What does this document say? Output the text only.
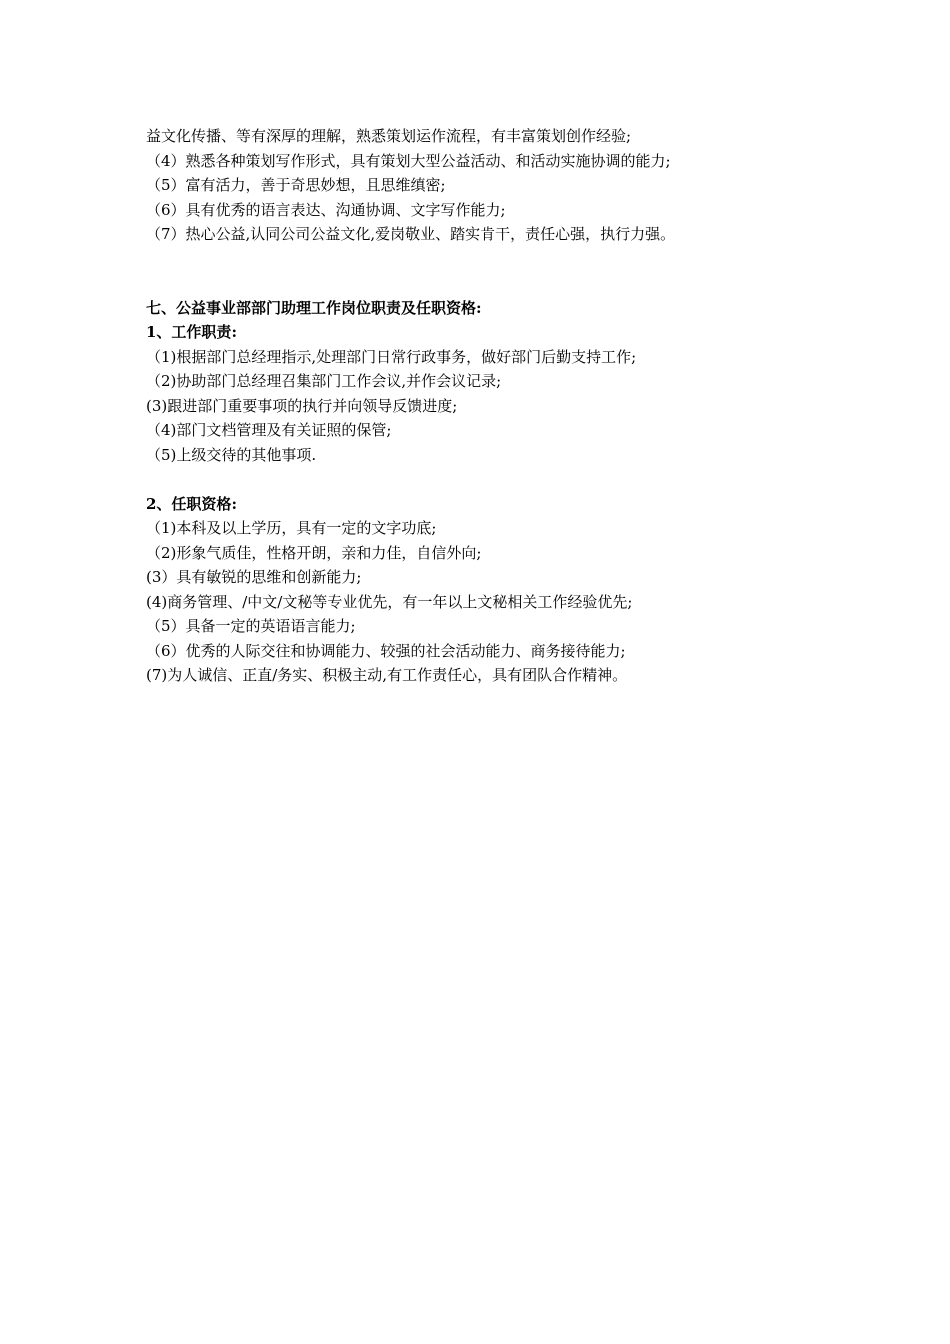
益文化传播、等有深厚的理解，熟悉策划运作流程，有丰富策划创作经验;
（4）熟悉各种策划写作形式，具有策划大型公益活动、和活动实施协调的能力;
（5）富有活力，善于奇思妙想，且思维缜密;
（6）具有优秀的语言表达、沟通协调、文字写作能力;
（7）热心公益,认同公司公益文化,爱岗敬业、踏实肯干，责任心强，执行力强。
七、公益事业部部门助理工作岗位职责及任职资格:
1、工作职责:
（1)根据部门总经理指示,处理部门日常行政事务，做好部门后勤支持工作;
（2)协助部门总经理召集部门工作会议,并作会议记录;
(3)跟进部门重要事项的执行并向领导反馈进度;
（4)部门文档管理及有关证照的保管;
（5)上级交待的其他事项.
2、任职资格:
（1)本科及以上学历，具有一定的文字功底;
（2)形象气质佳，性格开朗，亲和力佳，自信外向;
(3）具有敏锐的思维和创新能力;
(4)商务管理、/中文/文秘等专业优先，有一年以上文秘相关工作经验优先;
（5）具备一定的英语语言能力;
（6）优秀的人际交往和协调能力、较强的社会活动能力、商务接待能力;
(7)为人诚信、正直/务实、积极主动,有工作责任心，具有团队合作精神。
